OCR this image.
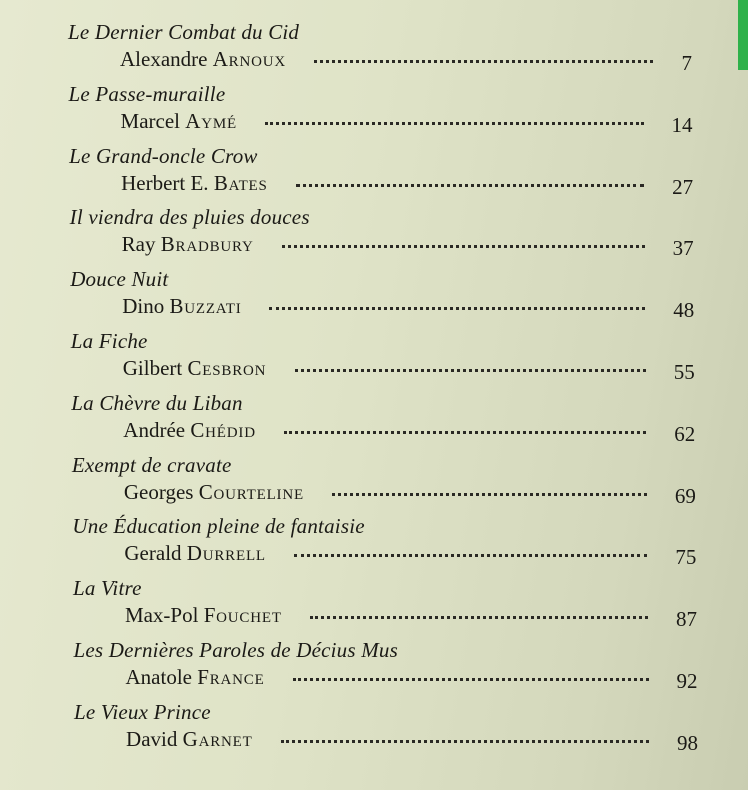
Le Dernier Combat du Cid
Alexandre Arnoux	7
Le Passe-muraille
Marcel Aymé	14
Le Grand-oncle Crow
Herbert E. Bates	27
Il viendra des pluies douces
Ray Bradbury	37
Douce Nuit
Dino Buzzati	48
La Fiche
Gilbert Cesbron	55
La Chèvre du Liban
Andrée Chédid	62
Exempt de cravate
Georges Courteline	69
Une Éducation pleine de fantaisie
Gerald Durrell	75
La Vitre
Max-Pol Fouchet	87
Les Dernières Paroles de Décius Mus
Anatole France	92
Le Vieux Prince
David Garnet	98
